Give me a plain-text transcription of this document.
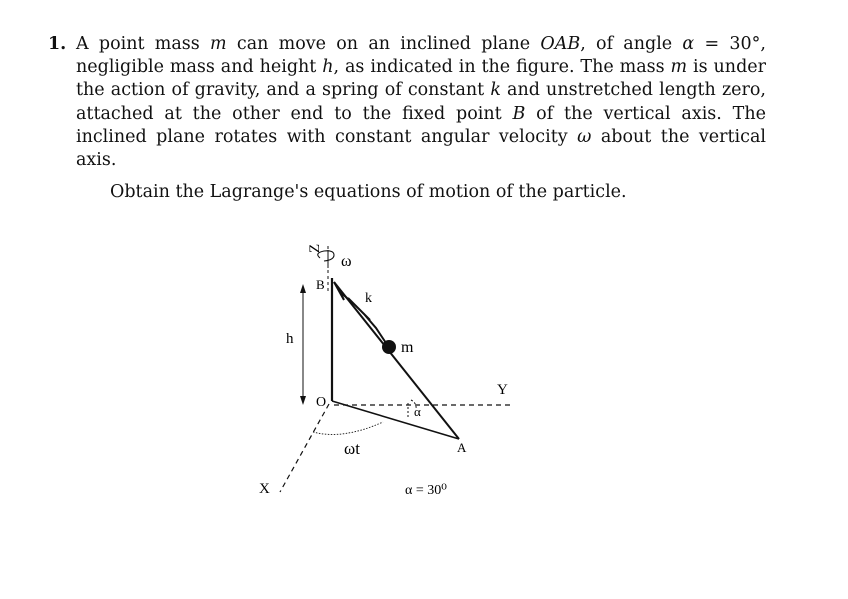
1. A point mass m can move on an inclined plane OAB, of angle α = 30°, negligible mass and height h, as indicated in the figure. The mass m is under the action of gravity, and a spring of constant k and unstretched length zero, attached at the other end to the fixed point B of the vertical axis. The inclined plane rotates with constant angular velocity ω about the vertical axis.
Obtain the Lagrange's equations of motion of the particle.
Z
ω
B
h
k
m
Y
O
α
X
ωt	A
α = 30⁰
